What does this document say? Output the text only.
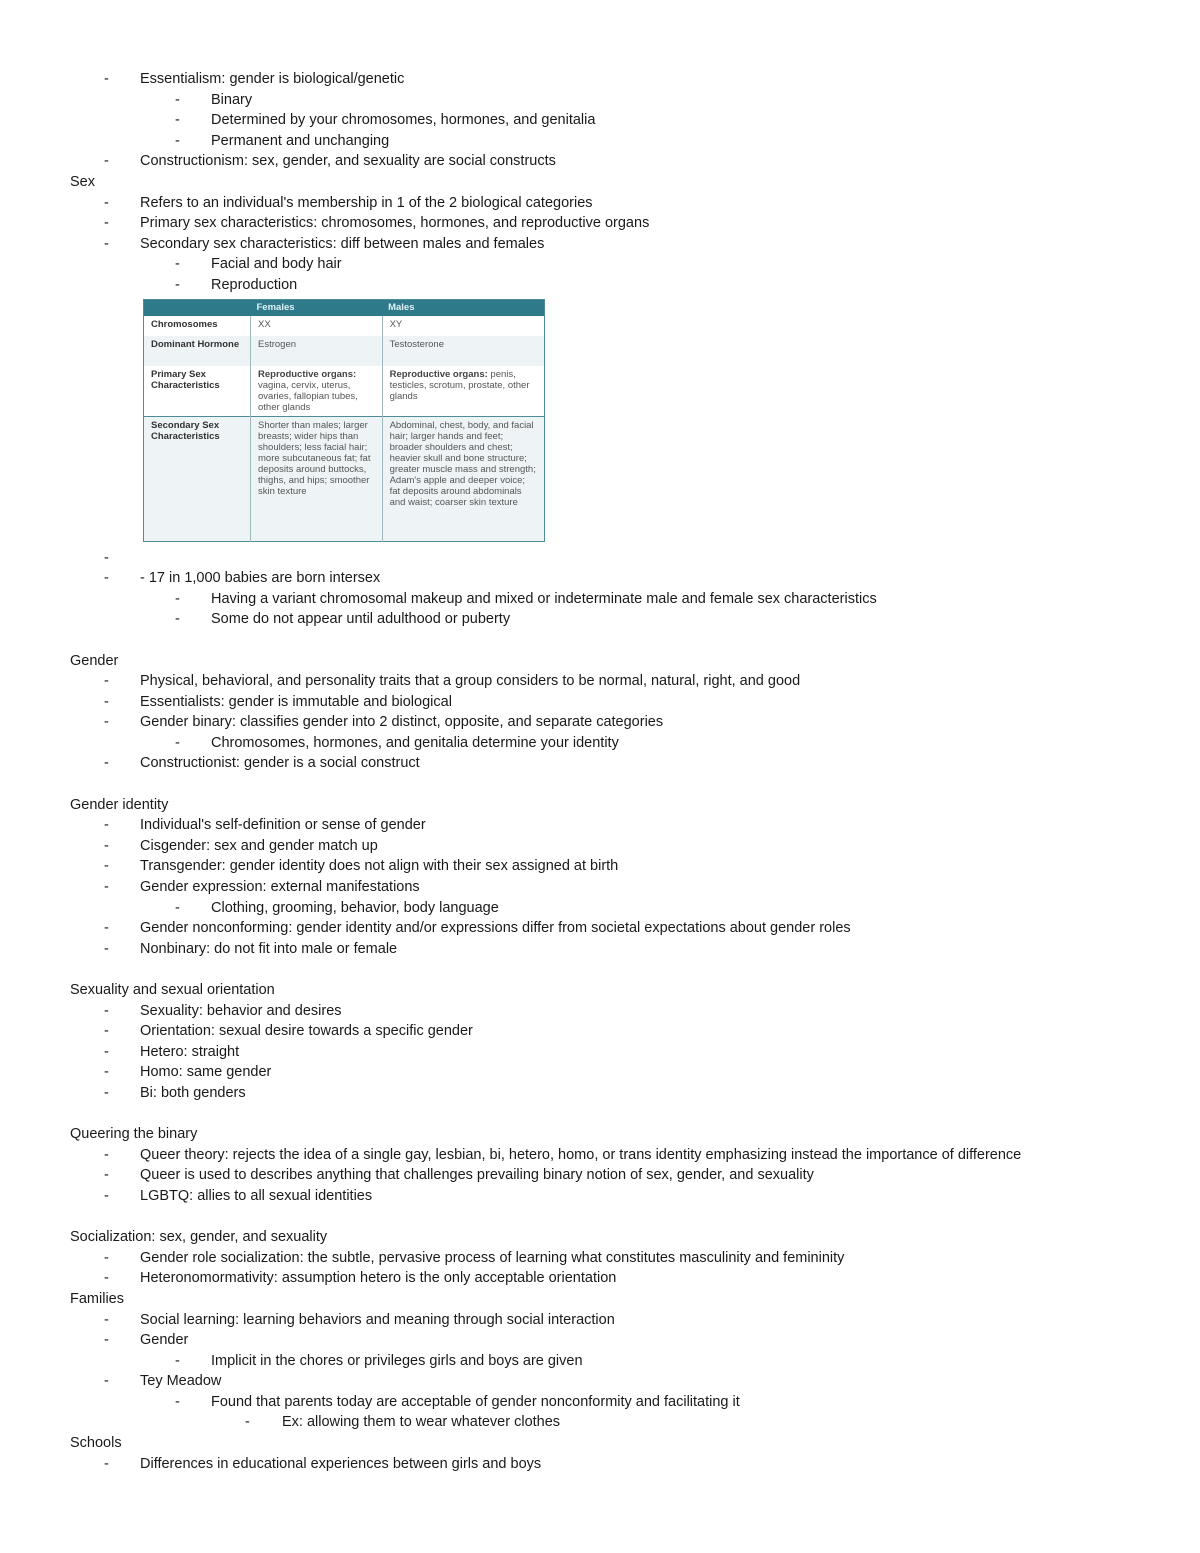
- Essentialism: gender is biological/genetic
- Binary
- Determined by your chromosomes, hormones, and genitalia
- Permanent and unchanging
- Constructionism: sex, gender, and sexuality are social constructs
Sex
- Refers to an individual's membership in 1 of the 2 biological categories
- Primary sex characteristics: chromosomes, hormones, and reproductive organs
- Secondary sex characteristics: diff between males and females
- Facial and body hair
- Reproduction
	Females	Males
Chromosomes	XX	XY
Dominant Hormone	Estrogen	Testosterone
Primary Sex Characteristics	Reproductive organs: vagina, cervix, uterus, ovaries, fallopian tubes, other glands	Reproductive organs: penis, testicles, scrotum, prostate, other glands
Secondary Sex Characteristics	Shorter than males; larger breasts; wider hips than shoulders; less facial hair; more subcutaneous fat; fat deposits around buttocks, thighs, and hips; smoother skin texture	Abdominal, chest, body, and facial hair; larger hands and feet; broader shoulders and chest; heavier skull and bone structure; greater muscle mass and strength; Adam's apple and deeper voice; fat deposits around abdominals and waist; coarser skin texture
-
- - 17 in 1,000 babies are born intersex
- Having a variant chromosomal makeup and mixed or indeterminate male and female sex characteristics
- Some do not appear until adulthood or puberty
Gender
- Physical, behavioral, and personality traits that a group considers to be normal, natural, right, and good
- Essentialists: gender is immutable and biological
- Gender binary: classifies gender into 2 distinct, opposite, and separate categories
- Chromosomes, hormones, and genitalia determine your identity
- Constructionist: gender is a social construct
Gender identity
- Individual's self-definition or sense of gender
- Cisgender: sex and gender match up
- Transgender: gender identity does not align with their sex assigned at birth
- Gender expression: external manifestations
- Clothing, grooming, behavior, body language
- Gender nonconforming: gender identity and/or expressions differ from societal expectations about gender roles
- Nonbinary: do not fit into male or female
Sexuality and sexual orientation
- Sexuality: behavior and desires
- Orientation: sexual desire towards a specific gender
- Hetero: straight
- Homo: same gender
- Bi: both genders
Queering the binary
- Queer theory: rejects the idea of a single gay, lesbian, bi, hetero, homo, or trans identity emphasizing instead the importance of difference
- Queer is used to describes anything that challenges prevailing binary notion of sex, gender, and sexuality
- LGBTQ: allies to all sexual identities
Socialization: sex, gender, and sexuality
- Gender role socialization: the subtle, pervasive process of learning what constitutes masculinity and femininity
- Heteronomormativity: assumption hetero is the only acceptable orientation
Families
- Social learning: learning behaviors and meaning through social interaction
- Gender
- Implicit in the chores or privileges girls and boys are given
- Tey Meadow
- Found that parents today are acceptable of gender nonconformity and facilitating it
- Ex: allowing them to wear whatever clothes
Schools
- Differences in educational experiences between girls and boys
